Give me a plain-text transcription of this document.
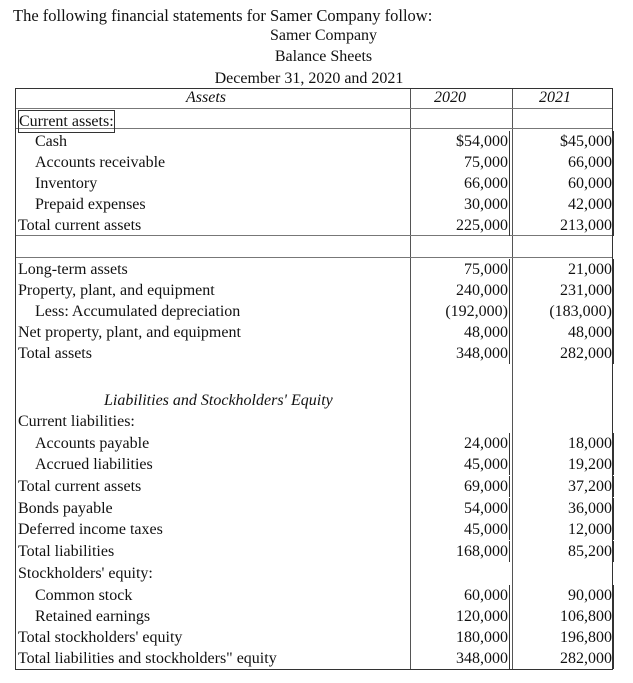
The following financial statements for Samer Company follow:
Samer Company
Balance Sheets
December 31, 2020 and 2021
Assets	2020	2021
Current assets:
Cash	$54,000	$45,000
Accounts receivable	75,000	66,000
Inventory	66,000	60,000
Prepaid expenses	30,000	42,000
Total current assets	225,000	213,000
Long-term assets	75,000	21,000
Property, plant, and equipment	240,000	231,000
Less: Accumulated depreciation	(192,000)	(183,000)
Net property, plant, and equipment	48,000	48,000
Total assets	348,000	282,000
Liabilities and Stockholders' Equity
Current liabilities:
Accounts payable	24,000	18,000
Accrued liabilities	45,000	19,200
Total current assets	69,000	37,200
Bonds payable	54,000	36,000
Deferred income taxes	45,000	12,000
Total liabilities	168,000	85,200
Stockholders' equity:
Common stock	60,000	90,000
Retained earnings	120,000	106,800
Total stockholders' equity	180,000	196,800
Total liabilities and stockholders" equity	348,000	282,000
